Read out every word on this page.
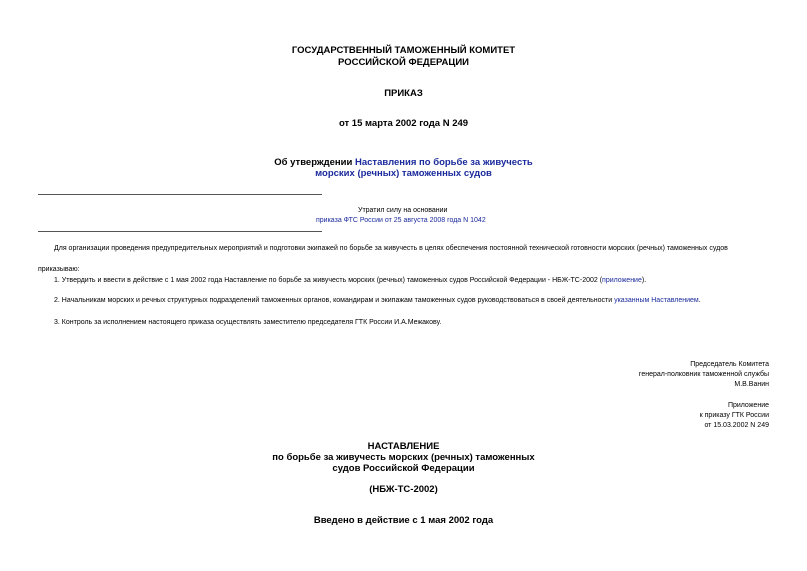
ГОСУДАРСТВЕННЫЙ ТАМОЖЕННЫЙ КОМИТЕТ
РОССИЙСКОЙ ФЕДЕРАЦИИ
ПРИКАЗ
от 15 марта 2002 года N 249
Об утверждении Наставления по борьбе за живучесть
морских (речных) таможенных судов
Утратил силу на основании
приказа ФТС России от 25 августа 2008 года N 1042
Для организации проведения предупредительных мероприятий и подготовки экипажей по борьбе за живучесть в целях обеспечения постоянной технической готовности морских (речных) таможенных судов
приказываю:
1. Утвердить и ввести в действие с 1 мая 2002 года Наставление по борьбе за живучесть морских (речных) таможенных судов Российской Федерации - НБЖ-ТС-2002 (приложение).
2. Начальникам морских и речных структурных подразделений таможенных органов, командирам и экипажам таможенных судов руководствоваться в своей деятельности указанным Наставлением.
3. Контроль за исполнением настоящего приказа осуществлять заместителю председателя ГТК России И.А.Межакову.
Председатель Комитета
генерал-полковник таможенной службы
М.В.Ванин
Приложение
к приказу ГТК России
от 15.03.2002 N 249
НАСТАВЛЕНИЕ
по борьбе за живучесть морских (речных) таможенных
судов Российской Федерации
(НБЖ-ТС-2002)
Введено в действие с 1 мая 2002 года
